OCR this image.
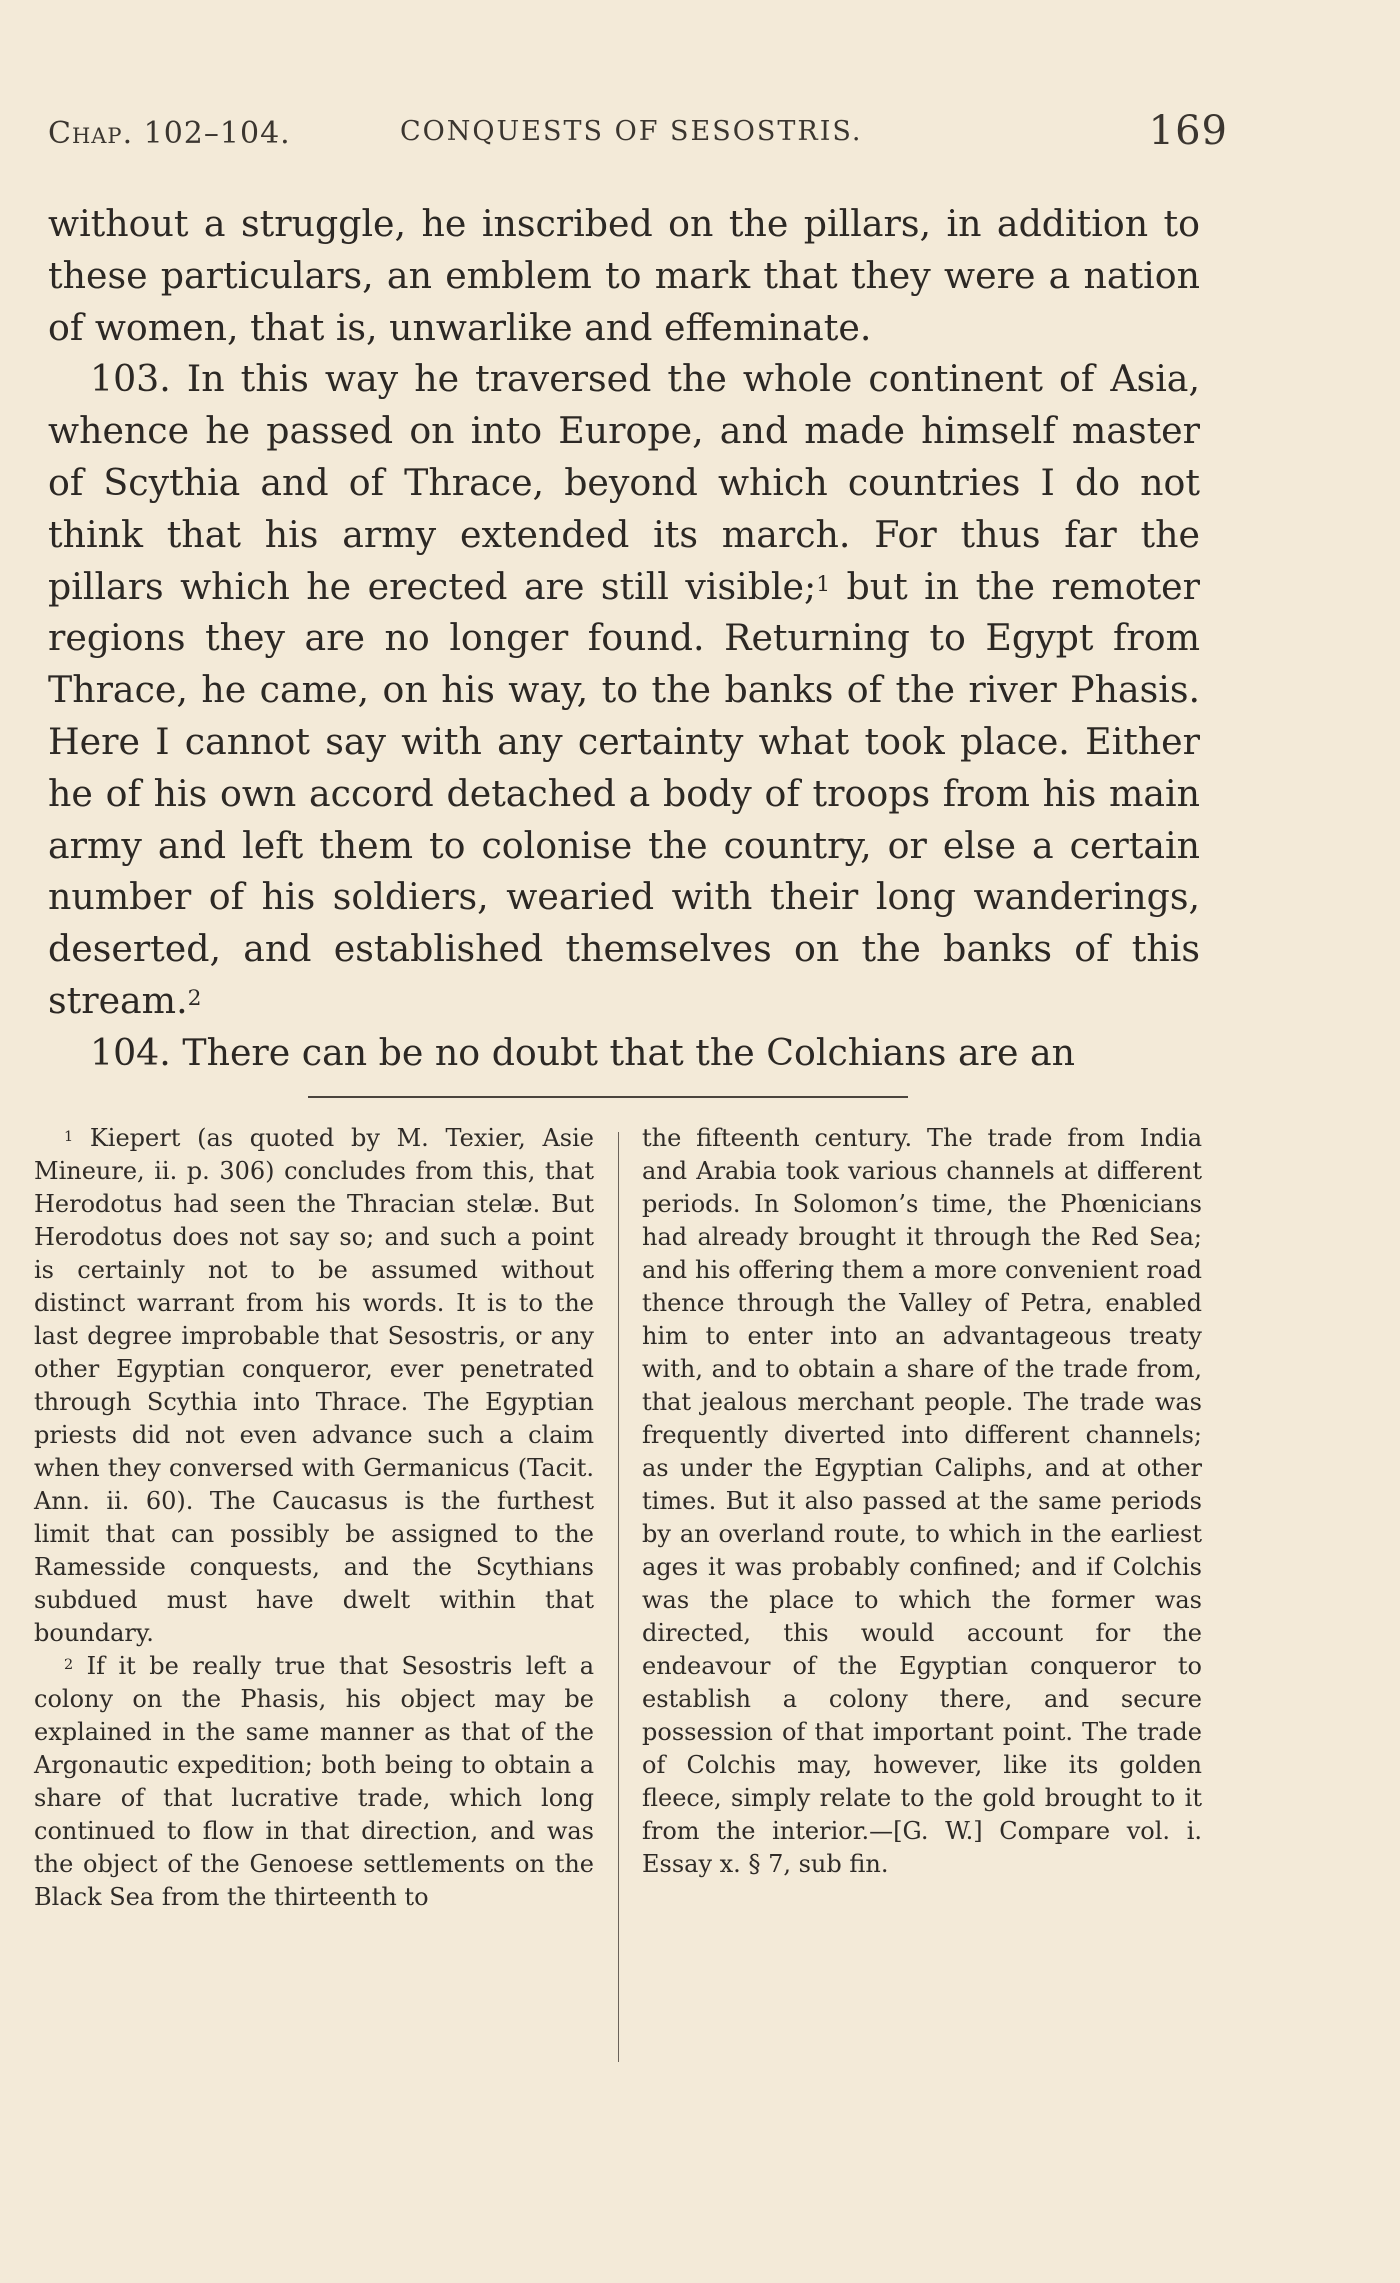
Chap. 102–104.	CONQUESTS OF SESOSTRIS.	169

without a struggle, he inscribed on the pillars, in addition to these particulars, an emblem to mark that they were a nation of women, that is, unwarlike and effeminate.

103. In this way he traversed the whole continent of Asia, whence he passed on into Europe, and made himself master of Scythia and of Thrace, beyond which countries I do not think that his army extended its march. For thus far the pillars which he erected are still visible;$^1$ but in the remoter regions they are no longer found. Returning to Egypt from Thrace, he came, on his way, to the banks of the river Phasis. Here I cannot say with any certainty what took place. Either he of his own accord detached a body of troops from his main army and left them to colonise the country, or else a certain number of his soldiers, wearied with their long wanderings, deserted, and established themselves on the banks of this stream.$^2$

104. There can be no doubt that the Colchians are an

$^1$ Kiepert (as quoted by M. Texier, Asie Mineure, ii. p. 306) concludes from this, that Herodotus had seen the Thracian stelæ. But Herodotus does not say so; and such a point is certainly not to be assumed without distinct warrant from his words. It is to the last degree improbable that Sesostris, or any other Egyptian conqueror, ever penetrated through Scythia into Thrace. The Egyptian priests did not even advance such a claim when they conversed with Germanicus (Tacit. Ann. ii. 60). The Caucasus is the furthest limit that can possibly be assigned to the Ramesside conquests, and the Scythians subdued must have dwelt within that boundary.

$^2$ If it be really true that Sesostris left a colony on the Phasis, his object may be explained in the same manner as that of the Argonautic expedition; both being to obtain a share of that lucrative trade, which long continued to flow in that direction, and was the object of the Genoese settlements on the Black Sea from the thirteenth to

the fifteenth century. The trade from India and Arabia took various channels at different periods. In Solomon’s time, the Phœnicians had already brought it through the Red Sea; and his offering them a more convenient road thence through the Valley of Petra, enabled him to enter into an advantageous treaty with, and to obtain a share of the trade from, that jealous merchant people. The trade was frequently diverted into different channels; as under the Egyptian Caliphs, and at other times. But it also passed at the same periods by an overland route, to which in the earliest ages it was probably confined; and if Colchis was the place to which the former was directed, this would account for the endeavour of the Egyptian conqueror to establish a colony there, and secure possession of that important point. The trade of Colchis may, however, like its golden fleece, simply relate to the gold brought to it from the interior.—[G. W.] Compare vol. i. Essay x. § 7, sub fin.
